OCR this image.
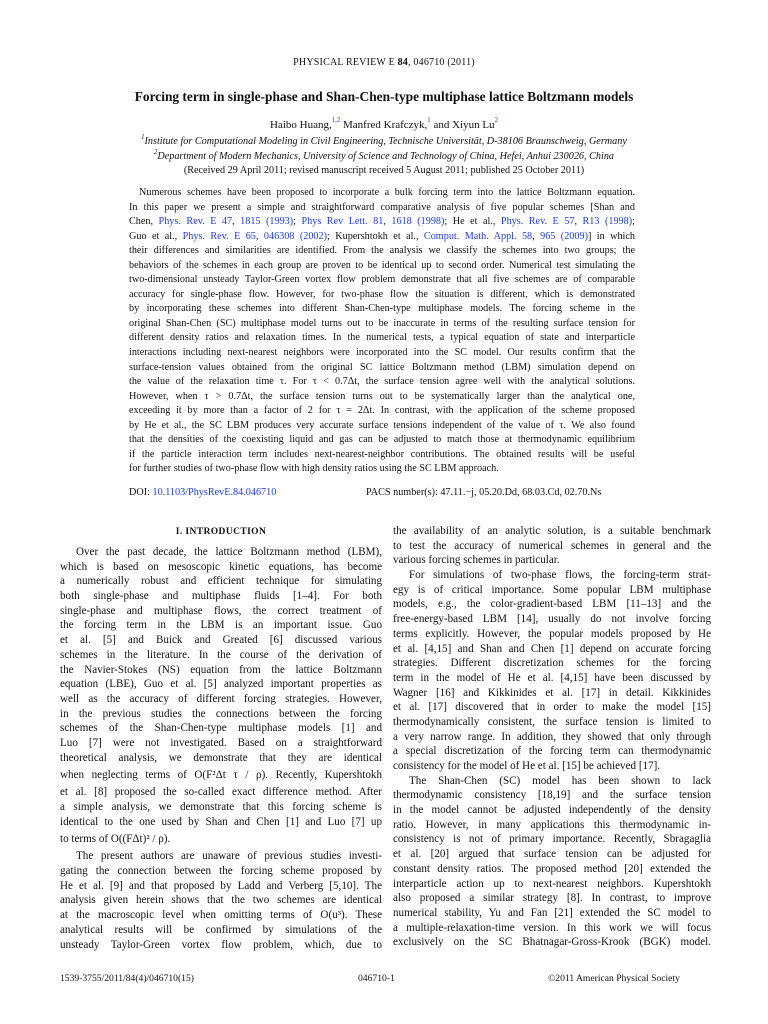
PHYSICAL REVIEW E 84, 046710 (2011)
Forcing term in single-phase and Shan-Chen-type multiphase lattice Boltzmann models
Haibo Huang,$^{1,2}$ Manfred Krafczyk,$^1$ and Xiyun Lu$^2$
$^1$Institute for Computational Modeling in Civil Engineering, Technische Universität, D-38106 Braunschweig, Germany
$^2$Department of Modern Mechanics, University of Science and Technology of China, Hefei, Anhui 230026, China
(Received 29 April 2011; revised manuscript received 5 August 2011; published 25 October 2011)
Numerous schemes have been proposed to incorporate a bulk forcing term into the lattice Boltzmann equation.
In this paper we present a simple and straightforward comparative analysis of five popular schemes [Shan and
Chen, Phys. Rev. E 47, 1815 (1993); Phys Rev Lett. 81, 1618 (1998); He et al., Phys. Rev. E 57, R13 (1998);
Guo et al., Phys. Rev. E 65, 046308 (2002); Kupershtokh et al., Comput. Math. Appl. 58, 965 (2009)] in which
their differences and similarities are identified. From the analysis we classify the schemes into two groups; the
behaviors of the schemes in each group are proven to be identical up to second order. Numerical test simulating the
two-dimensional unsteady Taylor-Green vortex flow problem demonstrate that all five schemes are of comparable
accuracy for single-phase flow. However, for two-phase flow the situation is different, which is demonstrated
by incorporating these schemes into different Shan-Chen-type multiphase models. The forcing scheme in the
original Shan-Chen (SC) multiphase model turns out to be inaccurate in terms of the resulting surface tension for
different density ratios and relaxation times. In the numerical tests, a typical equation of state and interparticle
interactions including next-nearest neighbors were incorporated into the SC model. Our results confirm that the
surface-tension values obtained from the original SC lattice Boltzmann method (LBM) simulation depend on
the value of the relaxation time τ. For τ < 0.7Δt, the surface tension agree well with the analytical solutions.
However, when τ > 0.7Δt, the surface tension turns out to be systematically larger than the analytical one,
exceeding it by more than a factor of 2 for τ = 2Δt. In contrast, with the application of the scheme proposed
by He et al., the SC LBM produces very accurate surface tensions independent of the value of τ. We also found
that the densities of the coexisting liquid and gas can be adjusted to match those at thermodynamic equilibrium
if the particle interaction term includes next-nearest-neighbor contributions. The obtained results will be useful
for further studies of two-phase flow with high density ratios using the SC LBM approach.
DOI: 10.1103/PhysRevE.84.046710	PACS number(s): 47.11.−j, 05.20.Dd, 68.03.Cd, 02.70.Ns
I. INTRODUCTION
Over the past decade, the lattice Boltzmann method (LBM),
which is based on mesoscopic kinetic equations, has become
a numerically robust and efficient technique for simulating
both single-phase and multiphase fluids [1–4]. For both
single-phase and multiphase flows, the correct treatment of
the forcing term in the LBM is an important issue. Guo
et al. [5] and Buick and Greated [6] discussed various
schemes in the literature. In the course of the derivation of
the Navier-Stokes (NS) equation from the lattice Boltzmann
equation (LBE), Guo et al. [5] analyzed important properties as
well as the accuracy of different forcing strategies. However,
in the previous studies the connections between the forcing
schemes of the Shan-Chen-type multiphase models [1] and
Luo [7] were not investigated. Based on a straightforward
theoretical analysis, we demonstrate that they are identical
when neglecting terms of O(F²Δt τ / ρ). Recently, Kupershtokh
et al. [8] proposed the so-called exact difference method. After
a simple analysis, we demonstrate that this forcing scheme is
identical to the one used by Shan and Chen [1] and Luo [7] up
to terms of O((FΔt)² / ρ).
The present authors are unaware of previous studies investi-
gating the connection between the forcing scheme proposed by
He et al. [9] and that proposed by Ladd and Verberg [5,10]. The
analysis given herein shows that the two schemes are identical
at the macroscopic level when omitting terms of O(u³). These
analytical results will be confirmed by simulations of the
unsteady Taylor-Green vortex flow problem, which, due to
the availability of an analytic solution, is a suitable benchmark
to test the accuracy of numerical schemes in general and the
various forcing schemes in particular.
For simulations of two-phase flows, the forcing-term strat-
egy is of critical importance. Some popular LBM multiphase
models, e.g., the color-gradient-based LBM [11–13] and the
free-energy-based LBM [14], usually do not involve forcing
terms explicitly. However, the popular models proposed by He
et al. [4,15] and Shan and Chen [1] depend on accurate forcing
strategies. Different discretization schemes for the forcing
term in the model of He et al. [4,15] have been discussed by
Wagner [16] and Kikkinides et al. [17] in detail. Kikkinides
et al. [17] discovered that in order to make the model [15]
thermodynamically consistent, the surface tension is limited to
a very narrow range. In addition, they showed that only through
a special discretization of the forcing term can thermodynamic
consistency for the model of He et al. [15] be achieved [17].
The Shan-Chen (SC) model has been shown to lack
thermodynamic consistency [18,19] and the surface tension
in the model cannot be adjusted independently of the density
ratio. However, in many applications this thermodynamic in-
consistency is not of primary importance. Recently, Sbragaglia
et al. [20] argued that surface tension can be adjusted for
constant density ratios. The proposed method [20] extended the
interparticle action up to next-nearest neighbors. Kupershtokh
also proposed a similar strategy [8]. In contrast, to improve
numerical stability, Yu and Fan [21] extended the SC model to
a multiple-relaxation-time version. In this work we will focus
exclusively on the SC Bhatnagar-Gross-Krook (BGK) model.
1539-3755/2011/84(4)/046710(15)	046710-1	©2011 American Physical Society
